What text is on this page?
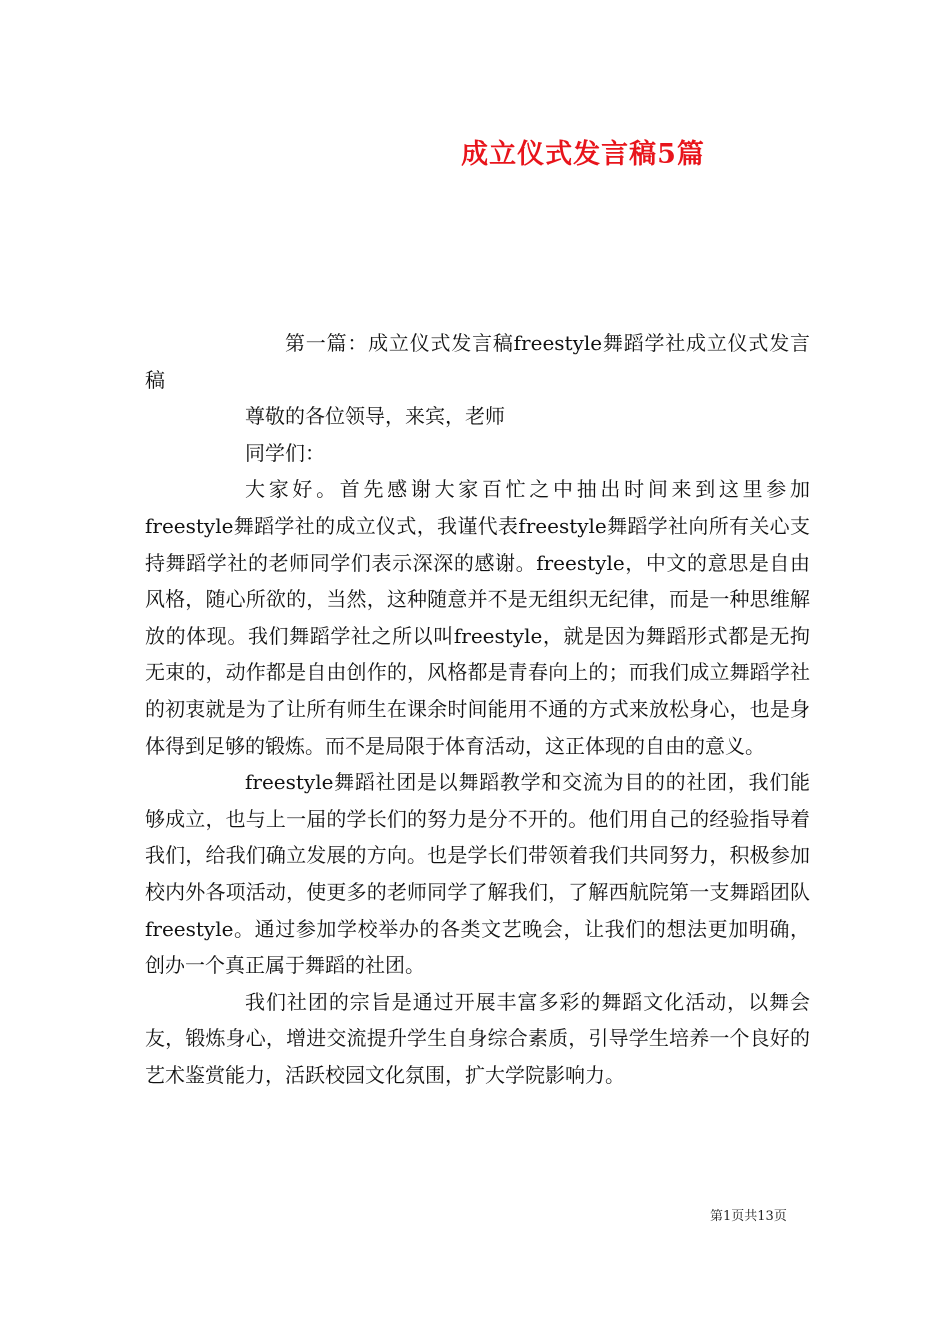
成立仪式发言稿5篇

第一篇：成立仪式发言稿freestyle舞蹈学社成立仪式发言稿

尊敬的各位领导，来宾，老师

同学们：

大家好。首先感谢大家百忙之中抽出时间来到这里参加freestyle舞蹈学社的成立仪式，我谨代表freestyle舞蹈学社向所有关心支持舞蹈学社的老师同学们表示深深的感谢。freestyle，中文的意思是自由风格，随心所欲的，当然，这种随意并不是无组织无纪律，而是一种思维解放的体现。我们舞蹈学社之所以叫freestyle，就是因为舞蹈形式都是无拘无束的，动作都是自由创作的，风格都是青春向上的；而我们成立舞蹈学社的初衷就是为了让所有师生在课余时间能用不通的方式来放松身心，也是身体得到足够的锻炼。而不是局限于体育活动，这正体现的自由的意义。

freestyle舞蹈社团是以舞蹈教学和交流为目的的社团，我们能够成立，也与上一届的学长们的努力是分不开的。他们用自己的经验指导着我们，给我们确立发展的方向。也是学长们带领着我们共同努力，积极参加校内外各项活动，使更多的老师同学了解我们，了解西航院第一支舞蹈团队freestyle。通过参加学校举办的各类文艺晚会，让我们的想法更加明确，创办一个真正属于舞蹈的社团。

我们社团的宗旨是通过开展丰富多彩的舞蹈文化活动，以舞会友，锻炼身心，增进交流提升学生自身综合素质，引导学生培养一个良好的艺术鉴赏能力，活跃校园文化氛围，扩大学院影响力。

第1页共13页
